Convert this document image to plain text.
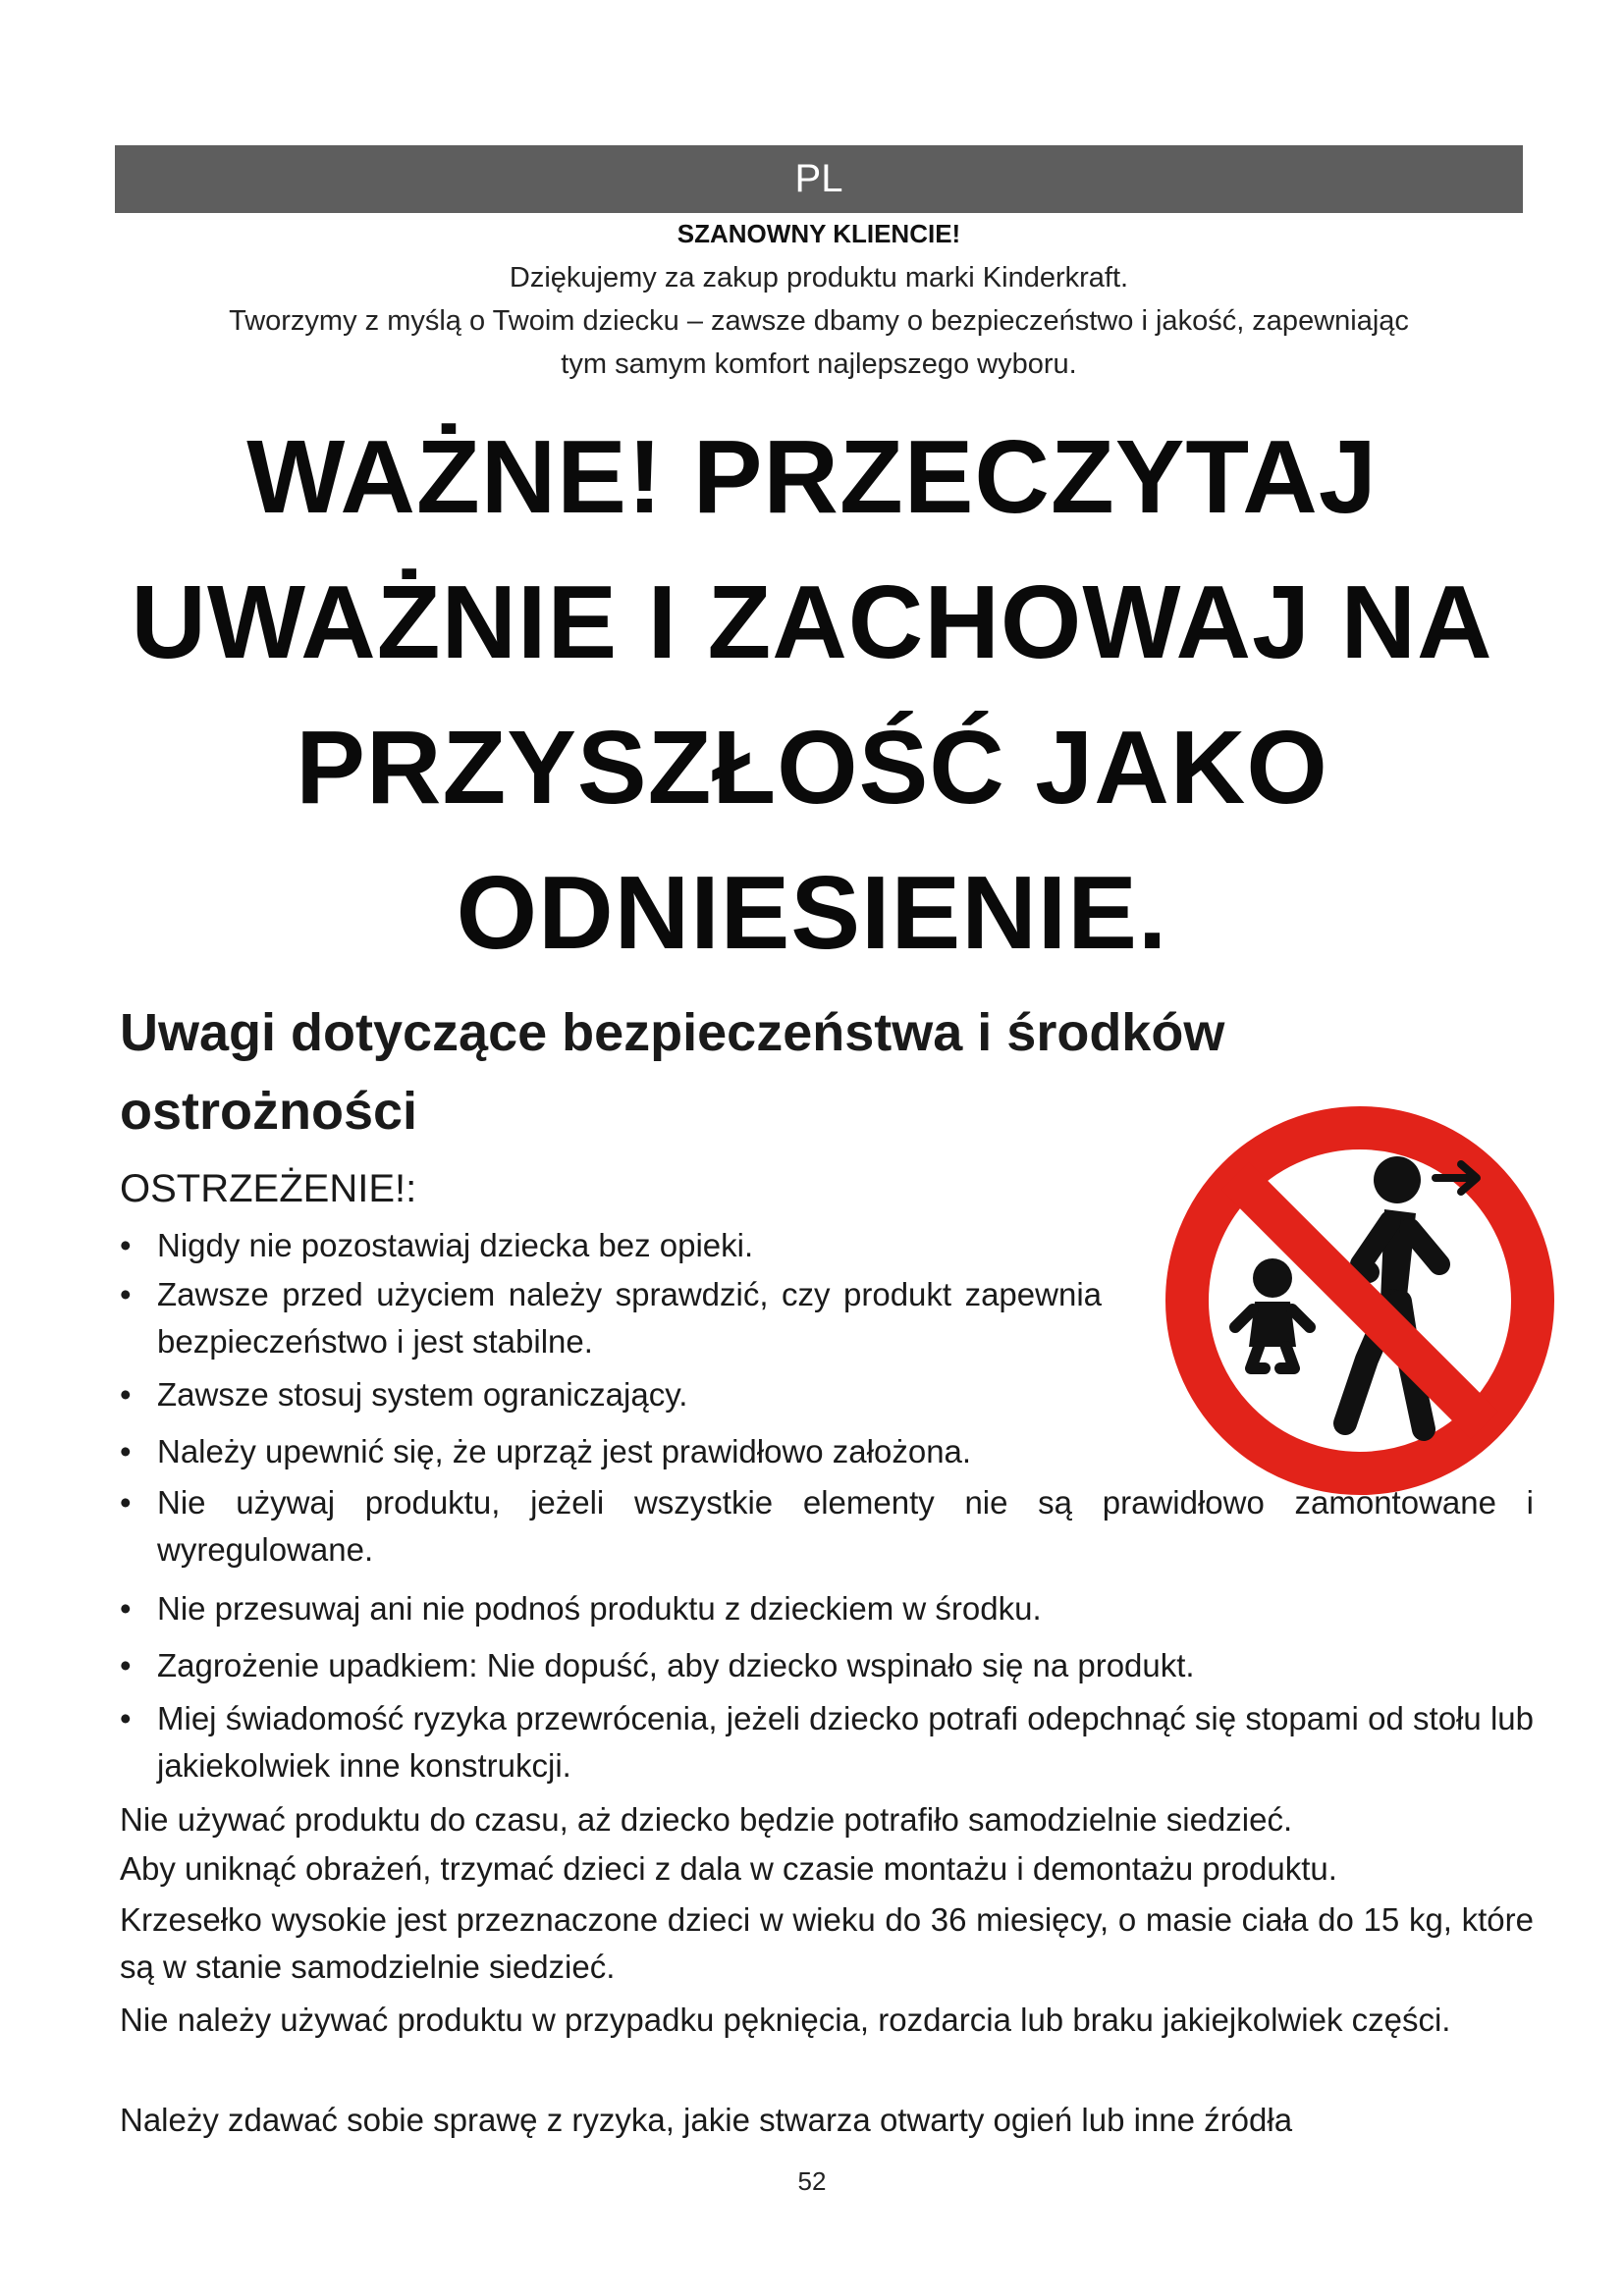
PL
SZANOWNY KLIENCIE!
Dziękujemy za zakup produktu marki Kinderkraft.
Tworzymy z myślą o Twoim dziecku – zawsze dbamy o bezpieczeństwo i jakość, zapewniając
tym samym komfort najlepszego wyboru.
WAŻNE! PRZECZYTAJ
UWAŻNIE I ZACHOWAJ NA
PRZYSZŁOŚĆ JAKO
ODNIESIENIE.
Uwagi dotyczące bezpieczeństwa i środków
ostrożności
OSTRZEŻENIE!:
• Nigdy nie pozostawiaj dziecka bez opieki.
• Zawsze przed użyciem należy sprawdzić, czy produkt zapewnia bezpieczeństwo i jest stabilne.
• Zawsze stosuj system ograniczający.
• Należy upewnić się, że uprząż jest prawidłowo założona.
• Nie używaj produktu, jeżeli wszystkie elementy nie są prawidłowo zamontowane i wyregulowane.
• Nie przesuwaj ani nie podnoś produktu z dzieckiem w środku.
• Zagrożenie upadkiem: Nie dopuść, aby dziecko wspinało się na produkt.
• Miej świadomość ryzyka przewrócenia, jeżeli dziecko potrafi odepchnąć się stopami od stołu lub jakiekolwiek inne konstrukcji.
Nie używać produktu do czasu, aż dziecko będzie potrafiło samodzielnie siedzieć.
Aby uniknąć obrażeń, trzymać dzieci z dala w czasie montażu i demontażu produktu.
Krzesełko wysokie jest przeznaczone dzieci w wieku do 36 miesięcy, o masie ciała do 15 kg, które są w stanie samodzielnie siedzieć.
Nie należy używać produktu w przypadku pęknięcia, rozdarcia lub braku jakiejkolwiek części.
Należy zdawać sobie sprawę z ryzyka, jakie stwarza otwarty ogień lub inne źródła
52
